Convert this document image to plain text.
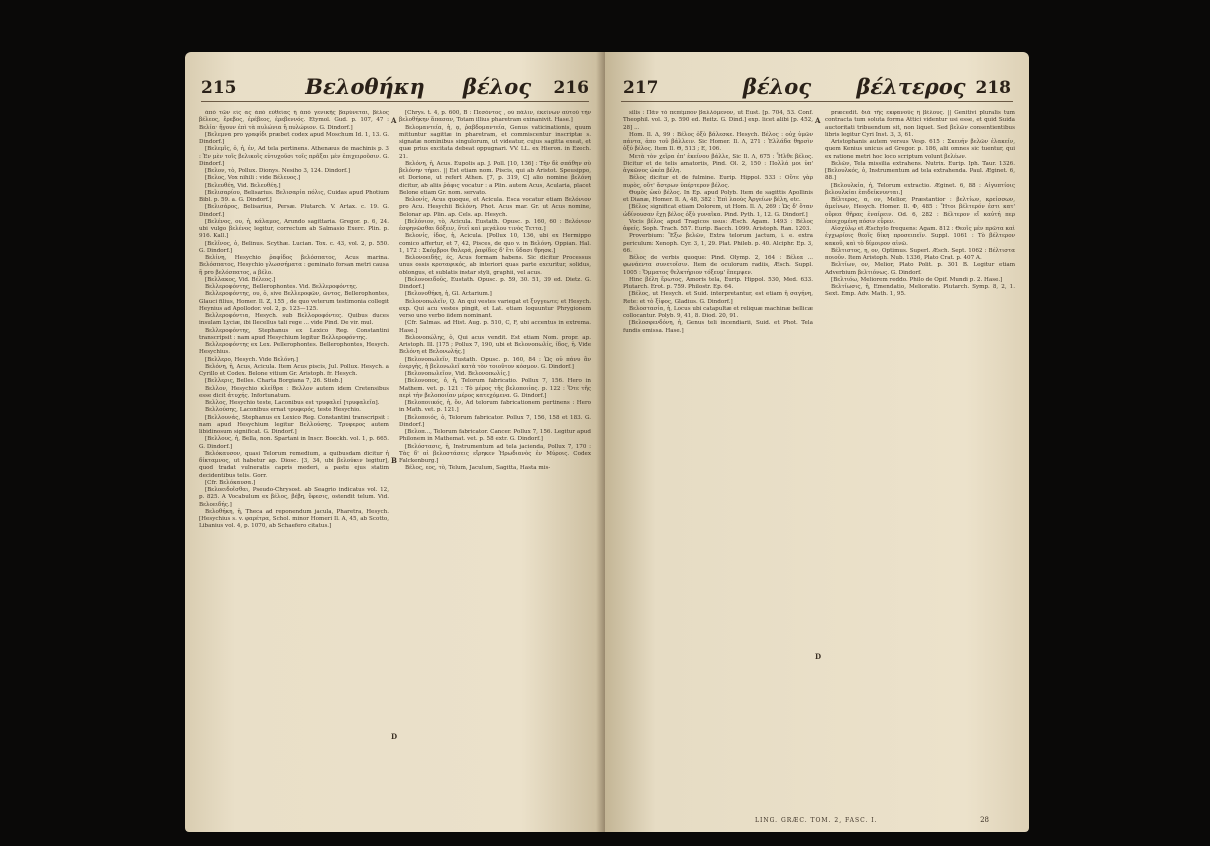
215	Βελοθήκη	βέλος	216

ἀπὸ τῶν εἰς ας ἀπὸ εὐθείας ἢ ἀπὸ γενικῆς βαρύνεται, βέλος βέλεος, ἔρεβος, ἐρέβεος, ἐρεβεννός. Etymol. Gud. p. 107, 47 : Βελία· ἥγουν ἐπὶ τὰ πυλώνια ἢ πυλώριον. G. Dindorf.]

[Βελεμνα pro γραφίδι præbet codex apud Moschum Id. 1, 13. G. Dindorf.]

[Βελεμῖς, ὁ, ἡ, ἐν, Ad tela pertinens. Athenæus de machinis p. 3 : Ἐν μὲν τοῖς βελικοῖς εὐτυχοῦσι τοῖς πρᾶξαι μὲν ἐπιχειροῦσιν. G. Dindorf.]

[Βελον, τὸ, Pollux. Dionys. Nesiho 3, 124. Dindorf.]

[Βελος, Vox nihili : vide Βέλευος.]

[Βελευθέη, Vid. Βελευθέη.]

[Βελισαρίου, Belisarius. Βελισαρία πόλις, Cuidas apud Photium Bibl. p. 59. a. G. Dindorf.]

[Βελισάρος, Belisarius, Persæ. Plutarch. V. Artax. c. 19. G. Dindorf.]

[Βελένος, ου, ἡ, κάλαμος, Arundo sagittaria. Gregor. p. 6, 24. ubi vulgo βελένος legitur, correctum ab Salmasio Exerc. Plin. p. 916. Kall.]

[Βελῖνος, ὁ, Belinus. Scythæ. Lucian. Tox. c. 43, vol. 2, p. 550. G. Dindorf.]

Βελίνη, Hesychio ῥαφίδος βελόσπατος, Acus marina. Βελόσπατος, Hesychio γλωσσήματα : geminato forsan metri causa ἢ pro βελόσπατος, a βέλο.

[Βελλακος, Vid. Βέλεος.]

Βελλεροφόντης, Bellerophontes. Vid. Βελλεροφόντης.

Βελλεροφόντης, ου, ὁ, sive Βελλεροφῶν, ῶντος, Bellerophontes, Glauci filius, Homer. Il. Z, 155 , de quo veterum testimonia collegit Heynius ad Apollodor. vol. 2, p. 123—125.

Βελλεροφόντια, Hesych. sub Βελλοροφόντες. Quibus duces insulam Lyciæ, ibi Ilecellus tali rege ... vide Pind. De vir. mul.

Βελλεροφόντης, Stephanus ex Lexico Reg. Constantini transcripsit : nam apud Hesychium legitur Βελλεροφόντης.

Βελλεροφόντης ex Lex. Pellerophontes. Bellerophontes, Hesych. Hesychius.

[Βελλερο, Hesych. Vide Βελόνη.]

Βελόνη, ἡ, Acus, Acicula. Item Acus piscis, Jul. Pollux. Hesych. a Cyrillo et Codex. Belone vitium Gr. Aristoph. fr. Hesych.

[Βελλερις, Belles. Charta Borgiana 7, 26. Stieb.]

Βελλον, Hesychio κλείθρα : Βελλον autem idem Cretensibus esse dicit ἀτυχής. Infortunatum.

Βελλος, Hesychio teste, Laconibus est τρυφαλεί [τρυφαλεῖα].

Βελλούσης, Laconibus ernat τρυφερός, teste Hesychio.

[Βελλουνάς, Stephanus ex Lexico Reg. Constantini transcripsit : nam apud Hesychium legitur Βελλούσης. Τρυφερος autem libidinosum significat. G. Dindorf.]

[Βελλους, ἡ, Bella, non. Spartani in Inscr. Boeckh. vol. 1, p. 665. G. Dindorf.]

Βελόκαυσον, quasi Telorum remedium, a quibusdam dicitur ἡ δίκταμνος, ut habetur ap. Diosc. [3, 34, ubi βελούκιν legitur], quod tradat vulneratis capris mederi, a pastu ejus statim decidentibus telis. Gorr.

[Cfr. Βελόκαυσα.]

[Βελοειδοῖσθαι, Pseudo-Chrysost. ab Seagrio indicatus vol. 12, p. 825. A Vocabulum ex βέλος, βέβη, ὕφεσις, ostendit telum. Vid. Βελοειδής.]

Βελοθήκη, ἡ, Thecа ad reponendum jacula, Pharetra, Hesych. [Hesychius s. v. φαρέτρα, Schol. minor Homeri Il. A, 45, ab Scotto, Libanius vol. 4, p. 1070, ab Schaefero citatus.]

[Chrys. t. 4, p. 600, B : Πεσόντος , οὐ πάλιν, ἐκείνων αὐτοῦ τὴν βελοθήκην ἅπασαν, Totam illius pharetram exinanivit. Hase.]

Βελομαντεία, ἡ, ᾳ, ῥαβδομαντεία, Genus vaticinationis, quum mittuntur sagittæ in pharetram, et commiscentur inscriptæ s. signatæ nominibus singulorum, ut videatur, cujus sagitta exeat, et quæ prius excitata debeat oppugnari. VV. LL. ex Hieron. in Ezech. 21.

Βελόνη, ἡ, Acus. Eupolis ap. J. Poll. [10, 136] : Τὴν δὲ σπάθην σὺ βελόνην τήρει. || Est etiam nom. Piscis, qui ab Aristot. Speusippo, et Dorione, ut refert Athen. [7, p. 319, C] alio nomine βελόνη dicitur, ab aliis ῥάφις vocatur : a Plin. autem Acus, Acularia, placet Belone etiam Gr. nom. servato.

Βελονίς, Acus quoque, et Acicula. Esca vocatur etiam Βελόνιον pro Acu. Hesychii Βελόνη. Phot. Acus mar. Gr. ut Acus nomine, Belonar ap. Plin. ap. Cels. ap. Hesych.

[Βελόνιον, τὸ, Acicula. Eustath. Opusc. p. 160, 60 : Βελόνιον ἐσφηνῶσθαι δόξειν, ὅτεϊ καὶ μεγάλου τινὸς Τεττα.]

Βελονίς, ίδος, ἡ, Acicula. [Pollux 10, 136, ubi ex Hermippo comico affertur, et 7, 42, Pisces, de quo v. in Βελόνη. Oppian. Hal. 1, 172 : Σκόμβροι θαλερά, ῥαφίδες δ' ἔτι ὕδασι θρησκ.]

Βελονοειδής, ές, Acus formam habens. Sic dicitur Processus unus ossis κροταφικός, ab interiori quas parte excuritur, solidus, oblongus, et sublatis instar styli, graphii, vel acus.

[Βελονοειδοῦς, Eustath. Opusc. p. 59, 30. 51, 39 ed. Dietz. G. Dindorf.]

[Βελονοθήκη, ἡ, Gl. Actarium.]

Βελονοπωλεῖν, Q. An qui vestes variegat et ξυγγεωτε; et Hesych. exp. Qui acu vestes pingit, et Lat. etiam loquuntur Phrygionem verso uno verbo iidem nominant.

[Cfr. Salmas. ad Hist. Aug. p. 510, C, F, ubi accentus in extrema. Hase.]

Βελονοπώλης, ὁ, Qui acus vendit. Est etiam Nom. propr. ap. Aristoph. Ill. [175 ; Pollux 7, 190, ubi et Βελονοπωλίς, ίδος, ἡ. Vide Βελόνη et Βελονωλής.]

[Βελονοπωλεῖν, Eustath. Opusc. p. 160, 84 : Ὡς οὐ πάνυ ἂν ἐνεργὴς, ἡ βελονωλεῖ κατὰ τὸν τοιοῦτον κόσμον. G. Dindorf.]

[Βελονοπωλεῖον, Vid. Βελονοπωλίς.]

[Βελονοπος, ὁ, ἡ, Telorum fabricatio. Pollux 7, 156. Hero in Mathem. vet. p. 121 : Τὸ μέρος τῆς βελοποιίας. p. 122 : Ὅτε τῆς περὶ τὴν βελοποιίαν μέρος κατεχόμενα. G. Dindorf.]

[Βελοποιικός, ἡ, ὄν, Ad telorum fabricationem pertinens : Hero in Math. vet. p. 121.]

[Βελοποιός, ὁ, Telorum fabricator. Pollux 7, 156, 158 et 183. G. Dindorf.]

[Βελοπ..., Telorum fabricator. Cancer. Pollux 7, 156. Legitur apud Philonem in Mathemat. vet. p. 58 extr. G. Dindorf.]

[Βελόστασις, ἡ, Instrumentum ad tela jacienda, Pollux 7, 170 : Τὰς δ' αἱ βελοστάσεις εἴρηκεν Ἡρωδιανὸς ἐν Μύροις. Codex Falckenburg.]

Βέλος, εος, τὸ, Telum, Jaculum, Sagitta, Hasta mis-

A
B
D
217	βέλος	βέλτερος 218

silis : Πᾶν τὸ πεπέμπον βαλλόμενον, ut Eust. [p. 704, 53. Conf. Theophil. vol. 3, p. 590 ed. Reitz. G. Dind.] exp. licet alibi [p. 452, 28] ...

Hom. Il. Δ, 99 : Βέλος ὀξὺ βάλεσκε. Hesych. Βέλος : οὐχ ὑμῶν πάντα, ἀπο τοῦ βάλλειν. Sic Homer. Il. Λ, 271 : Ἑλλάδα θηρσὶν ὀξύ βέλος. Item Il. Θ, 513 ; Ε, 106.

Μετὰ τὸν χεῖρα ἐπ' ἐκείνου βάλλε, Sic Il. Λ, 675 : Ἦλθε βέλος. Dicitur et de telis amatoriis, Pind. Ol. 2, 150 : Πολλά μοι ὑπ' ἀγκῶνος ὠκέα βέλη.

Βέλος dicitur et de fulmine. Eurip. Hippol. 533 : Οὔτε γὰρ πυρὸς, οὔτ' ἄστρων ὑπέρτερον βέλος.

Θυμὸς ὠκὺ βέλος. In Ep. apud Polyb. Item de sagittis Apollinis et Dianæ, Homer. Il. Α, 48, 382 : Ἐπὶ λαοὺς Ἀργείων βέλη, etc.

[Βέλος significat etiam Dolorem, ut Hom. Il. Λ, 269 : Ὡς δ' ὅταν ὠδίνουσαν ἔχῃ βέλος ὀξὺ γυναῖκα. Pind. Pyth. 1, 12. G. Dindorf.]

Vocis βέλος apud Tragicos usus: Æsch. Agam. 1493 : Βέλος ἀφείς. Soph. Trach. 557. Eurip. Bacch. 1099. Aristoph. Ran. 1203.

Proverbium: Ἔξω βελῶν, Extra telorum jactum, i. e. extra periculum: Xenoph. Cyr. 3, 1, 29. Plat. Phileb. p. 40. Alciphr. Ep. 3, 66.

Βέλος de verbis quoque: Pind. Olymp. 2, 164 : Βέλεα ... φωνάεντα συνετοῖσιν. Item de oculorum radiis, Æsch. Suppl. 1005 : Ὄμματος θελκτήριον τόξευμ' ἔπεμψεν.

Hinc βέλη ἔρωτος, Amoris tela, Eurip. Hippol. 530, Med. 633. Plutarch. Erot. p. 759. Philostr. Ep. 64.

[Βέλος, ut Hesych. et Suid. interpretantur, est etiam ἡ σαγήνη, Rete: et τὸ ξίφος, Gladius. G. Dindorf.]

Βελοστασία, ἡ, Locus ubi catapultæ et reliquæ machinæ bellicæ collocantur. Polyb. 9, 41, 8. Diod. 20, 91.

[Βελοσφενδόνη, ἡ, Genus teli incendiarii, Suid. et Phot. Tela fundis emissa. Hase.]

præcedit. διὰ τῆς εκφανοῦς ἢ βέλους. || Genitivi pluralis tum contracta tum soluta forma Attici videntur usi esse, et quid Suida auctoritati tribuendum sit, non liquet. Sed βελῶν consentientibus libris legitur Cyri Inst. 3, 3, 61.

Aristophanis autem versus Vesp. 615 : Σκευήν βελῶν ἐλακείν, quem Kenius unicus ad Gregor. p. 186, alii omnes sic tuentur, qui ex ratione metri hoc loco scriptum volunt βελέων.

Βελῶν, Tela missilia extrahens. Nutrix. Eurip. Iph. Taur. 1326. [Βελουλκός, ὁ, Instrumentum ad tela extrahenda. Paul. Æginet. 6, 88.]

[Βελουλκία, ἡ, Telorum extractio. Æginet. 6, 88 : Αἰγυπτίοις βελουλκίαι ἐπιδείκνυνται.]

Βέλτερος, α, ον, Melior, Præstantior : βελτίων, κρείσσων, ἀμείνων, Hesych. Homer. Il. Φ, 485 : Ἤτοι βέλτερόν ἐστι κατ' οὔρεα θῆρας ἐναίρειν. Od. 6, 282 : Βέλτερον εἴ καὐτή περ ἐποιχομένη πόσιν εὗρεν.

Αἰσχύλῳ et Æschylo frequens: Agam. 812 : Θεοῖς μὲν πρῶτα καὶ ἐγχωρίοις θεοῖς δίκη προσειπεῖν. Suppl. 1061 : Τὸ βέλτερον κακοῦ, καὶ τὸ δίμοιρον αἰνῶ.

Βέλτιστος, η, ον, Optimus. Superl. Æsch. Sept. 1062 : Βέλτιστα ποιοῦν. Item Aristoph. Nub. 1336, Plato Crat. p. 407 A.

Βελτίων, ον, Melior, Plato Polit. p. 301 B. Legitur etiam Adverbium βελτιόνως. G. Dindorf.

[Βελτιόω, Meliorem reddo. Philo de Opif. Mundi p. 2. Hase.]

Βελτίωσις, ἡ, Emendatio, Melioratio. Plutarch. Symp. 8, 2, 1. Sext. Emp. Adv. Math. 1, 95.

A
D
LING. GRÆC. TOM. 2, FASC. I.	28
